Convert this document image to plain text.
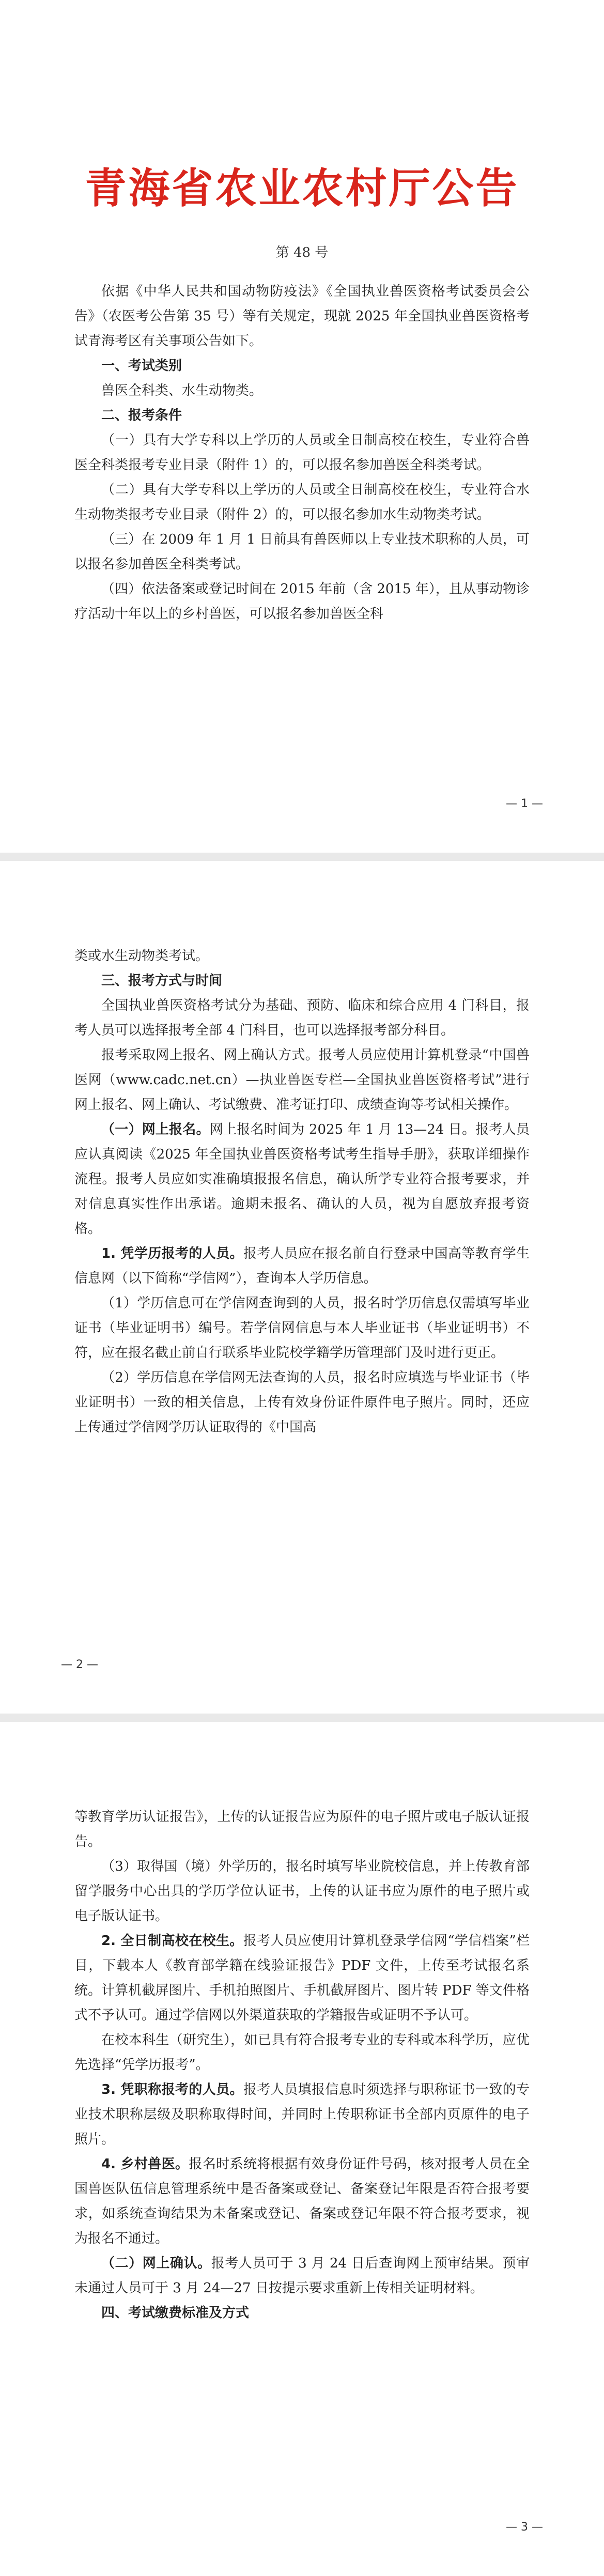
青海省农业农村厅公告
第 48 号

依据《中华人民共和国动物防疫法》《全国执业兽医资格考试委员会公告》（农医考公告第 35 号）等有关规定，现就 2025 年全国执业兽医资格考试青海考区有关事项公告如下。

一、考试类别

兽医全科类、水生动物类。

二、报考条件

（一）具有大学专科以上学历的人员或全日制高校在校生，专业符合兽医全科类报考专业目录（附件 1）的，可以报名参加兽医全科类考试。

（二）具有大学专科以上学历的人员或全日制高校在校生，专业符合水生动物类报考专业目录（附件 2）的，可以报名参加水生动物类考试。

（三）在 2009 年 1 月 1 日前具有兽医师以上专业技术职称的人员，可以报名参加兽医全科类考试。

（四）依法备案或登记时间在 2015 年前（含 2015 年），且从事动物诊疗活动十年以上的乡村兽医，可以报名参加兽医全科

— 1 —

类或水生动物类考试。

三、报考方式与时间

全国执业兽医资格考试分为基础、预防、临床和综合应用 4 门科目，报考人员可以选择报考全部 4 门科目，也可以选择报考部分科目。

报考采取网上报名、网上确认方式。报考人员应使用计算机登录“中国兽医网（www.cadc.net.cn）—执业兽医专栏—全国执业兽医资格考试”进行网上报名、网上确认、考试缴费、准考证打印、成绩查询等考试相关操作。

（一）网上报名。网上报名时间为 2025 年 1 月 13—24 日。报考人员应认真阅读《2025 年全国执业兽医资格考试考生指导手册》，获取详细操作流程。报考人员应如实准确填报报名信息，确认所学专业符合报考要求，并对信息真实性作出承诺。逾期未报名、确认的人员，视为自愿放弃报考资格。

1. 凭学历报考的人员。报考人员应在报名前自行登录中国高等教育学生信息网（以下简称“学信网”），查询本人学历信息。

（1）学历信息可在学信网查询到的人员，报名时学历信息仅需填写毕业证书（毕业证明书）编号。若学信网信息与本人毕业证书（毕业证明书）不符，应在报名截止前自行联系毕业院校学籍学历管理部门及时进行更正。

（2）学历信息在学信网无法查询的人员，报名时应填选与毕业证书（毕业证明书）一致的相关信息，上传有效身份证件原件电子照片。同时，还应上传通过学信网学历认证取得的《中国高

— 2 —

等教育学历认证报告》，上传的认证报告应为原件的电子照片或电子版认证报告。

（3）取得国（境）外学历的，报名时填写毕业院校信息，并上传教育部留学服务中心出具的学历学位认证书，上传的认证书应为原件的电子照片或电子版认证书。

2. 全日制高校在校生。报考人员应使用计算机登录学信网“学信档案”栏目，下载本人《教育部学籍在线验证报告》PDF 文件，上传至考试报名系统。计算机截屏图片、手机拍照图片、手机截屏图片、图片转 PDF 等文件格式不予认可。通过学信网以外渠道获取的学籍报告或证明不予认可。

在校本科生（研究生），如已具有符合报考专业的专科或本科学历，应优先选择“凭学历报考”。

3. 凭职称报考的人员。报考人员填报信息时须选择与职称证书一致的专业技术职称层级及职称取得时间，并同时上传职称证书全部内页原件的电子照片。

4. 乡村兽医。报名时系统将根据有效身份证件号码，核对报考人员在全国兽医队伍信息管理系统中是否备案或登记、备案登记年限是否符合报考要求，如系统查询结果为未备案或登记、备案或登记年限不符合报考要求，视为报名不通过。

（二）网上确认。报考人员可于 3 月 24 日后查询网上预审结果。预审未通过人员可于 3 月 24—27 日按提示要求重新上传相关证明材料。

四、考试缴费标准及方式
— 3 —
